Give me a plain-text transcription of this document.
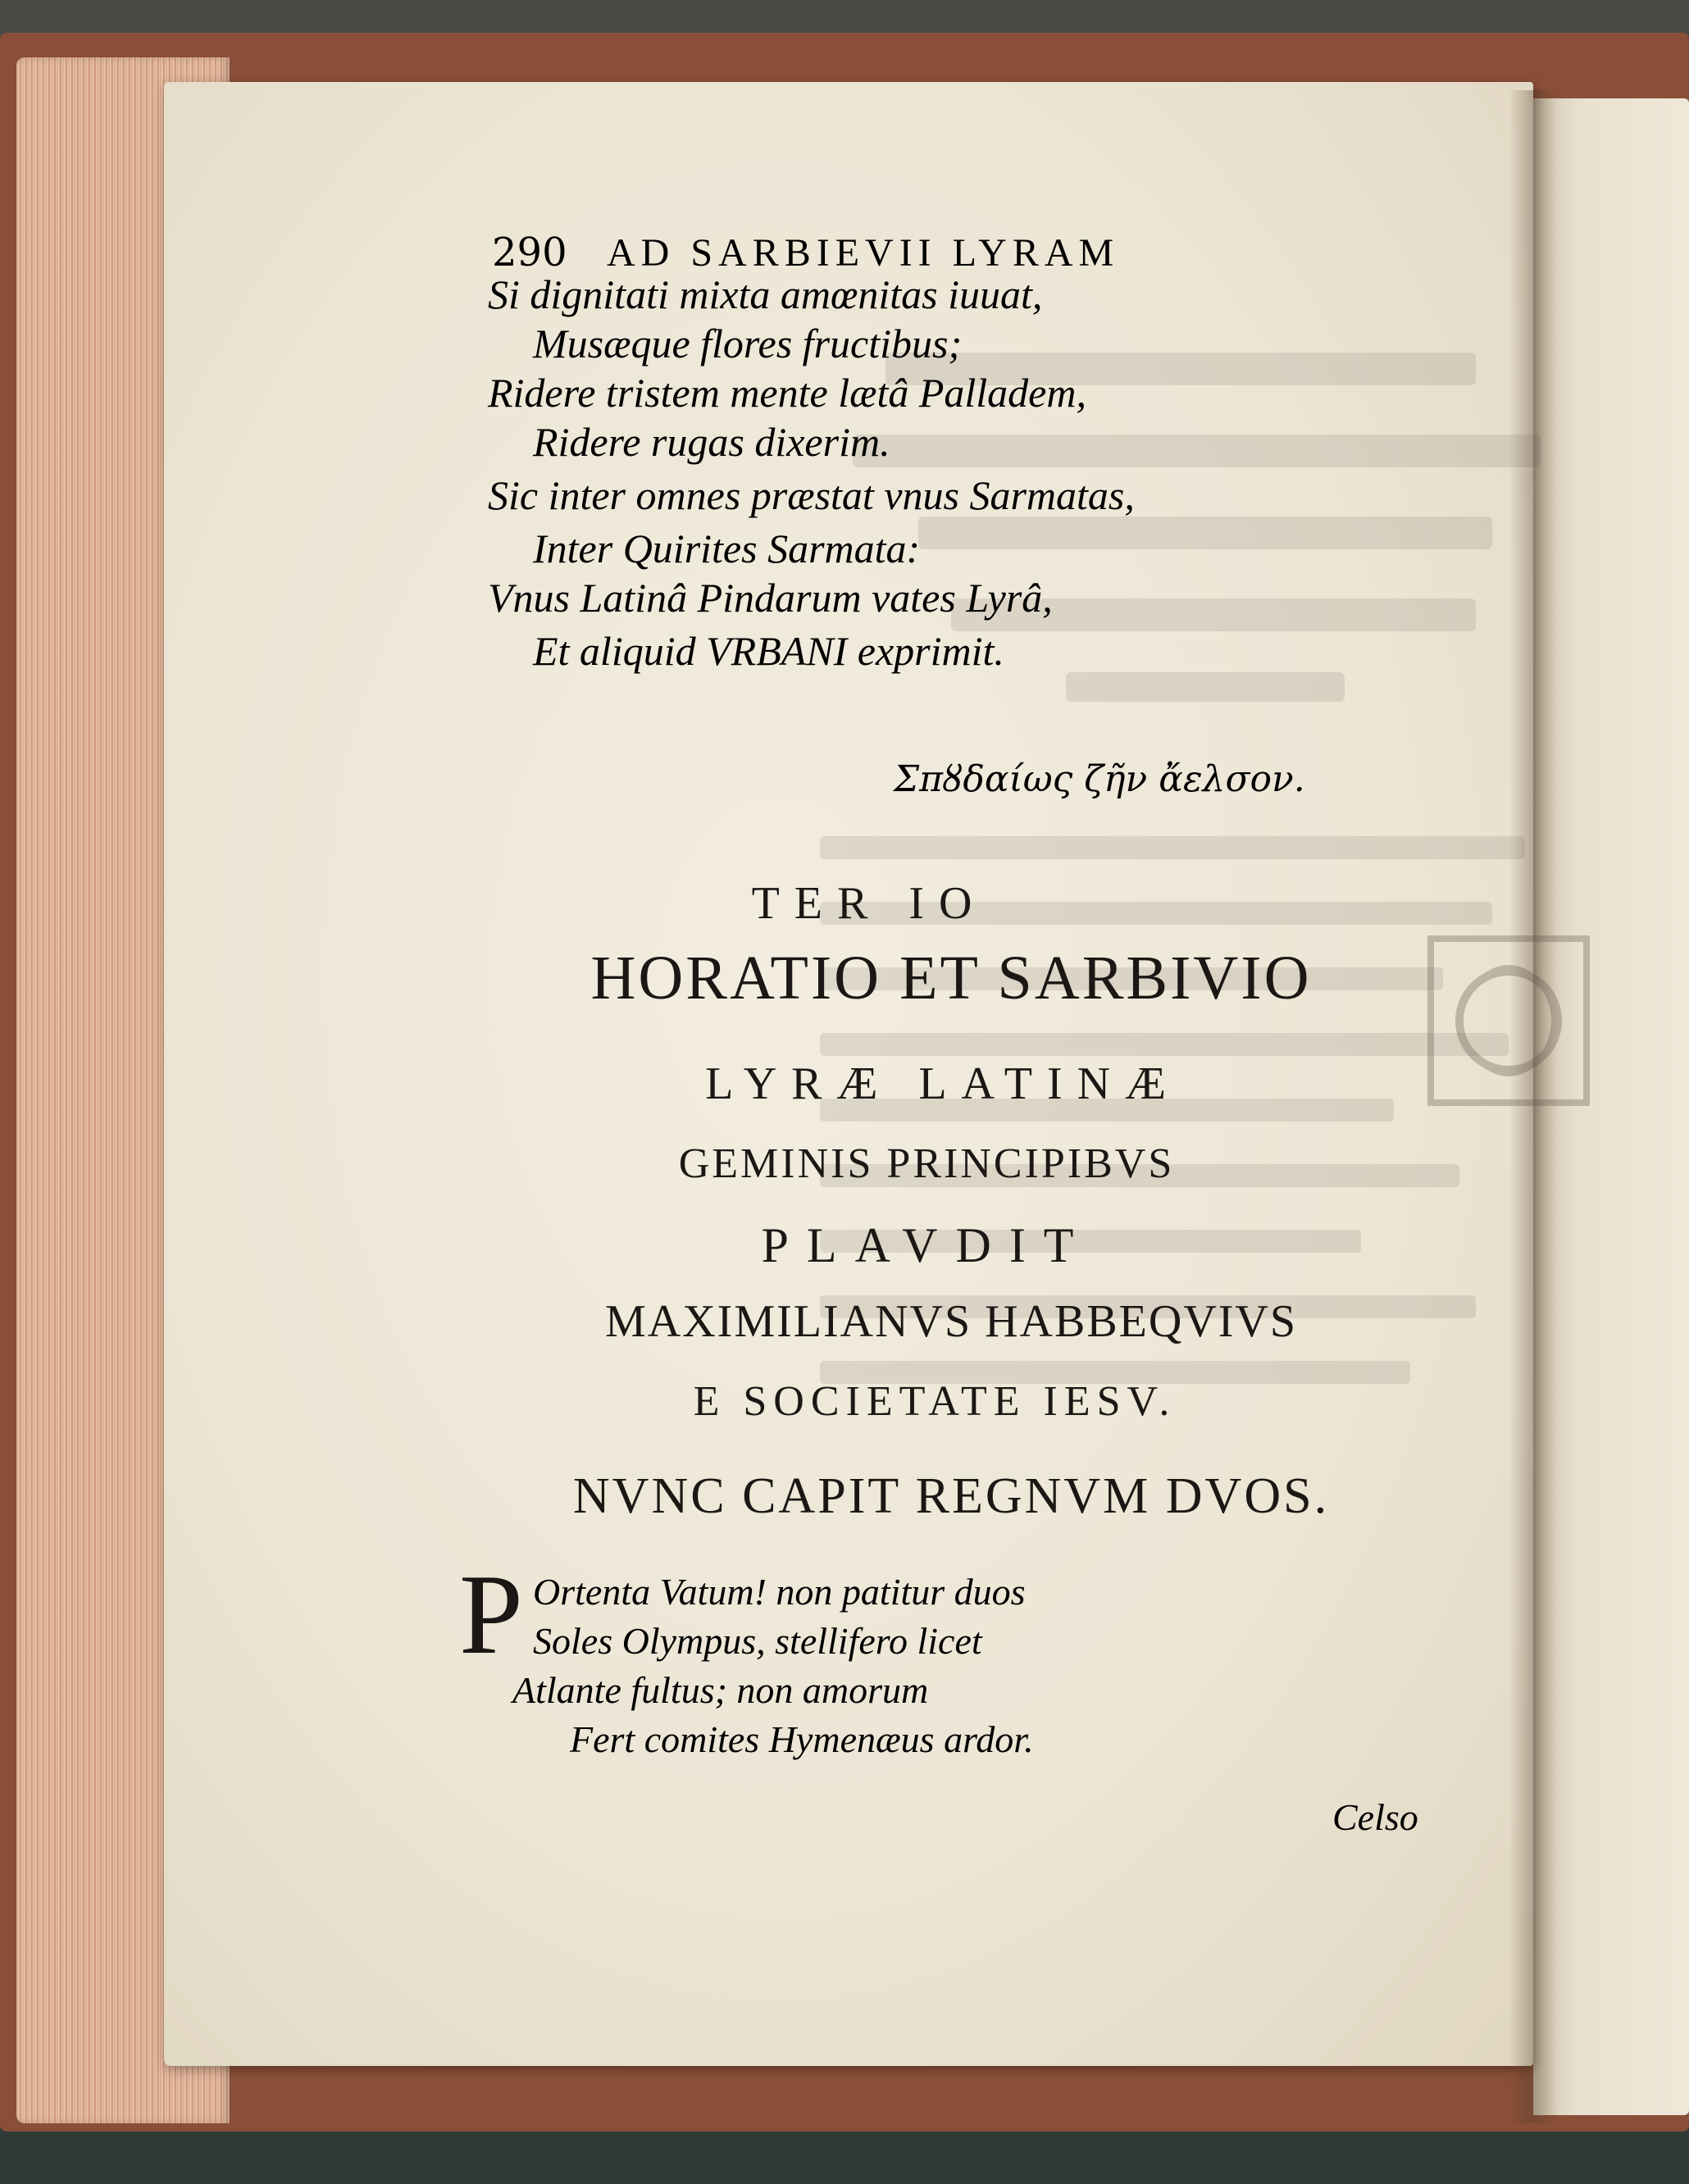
290 AD SARBIEVII LYRAM
Si dignitati mixta amœnitas iuuat,
Musæque flores fructibus;
Ridere tristem mente lætâ Palladem,
Ridere rugas dixerim.
Sic inter omnes præstat vnus Sarmatas,
Inter Quirites Sarmata:
Vnus Latinâ Pindarum vates Lyrâ,
Et aliquid VRBANI exprimit.
Σπȣδαίως ζῆν ἄελσον.
TER IO
HORATIO ET SARBIVIO
LYRÆ LATINÆ
GEMINIS PRINCIPIBVS
PLAVDIT
MAXIMILIANVS HABBEQVIVS
E SOCIETATE IESV.
NVNC CAPIT REGNVM DVOS.
P Ortenta Vatum! non patitur duos
Soles Olympus, stellifero licet
Atlante fultus; non amorum
Fert comites Hymenæus ardor.
Celso
